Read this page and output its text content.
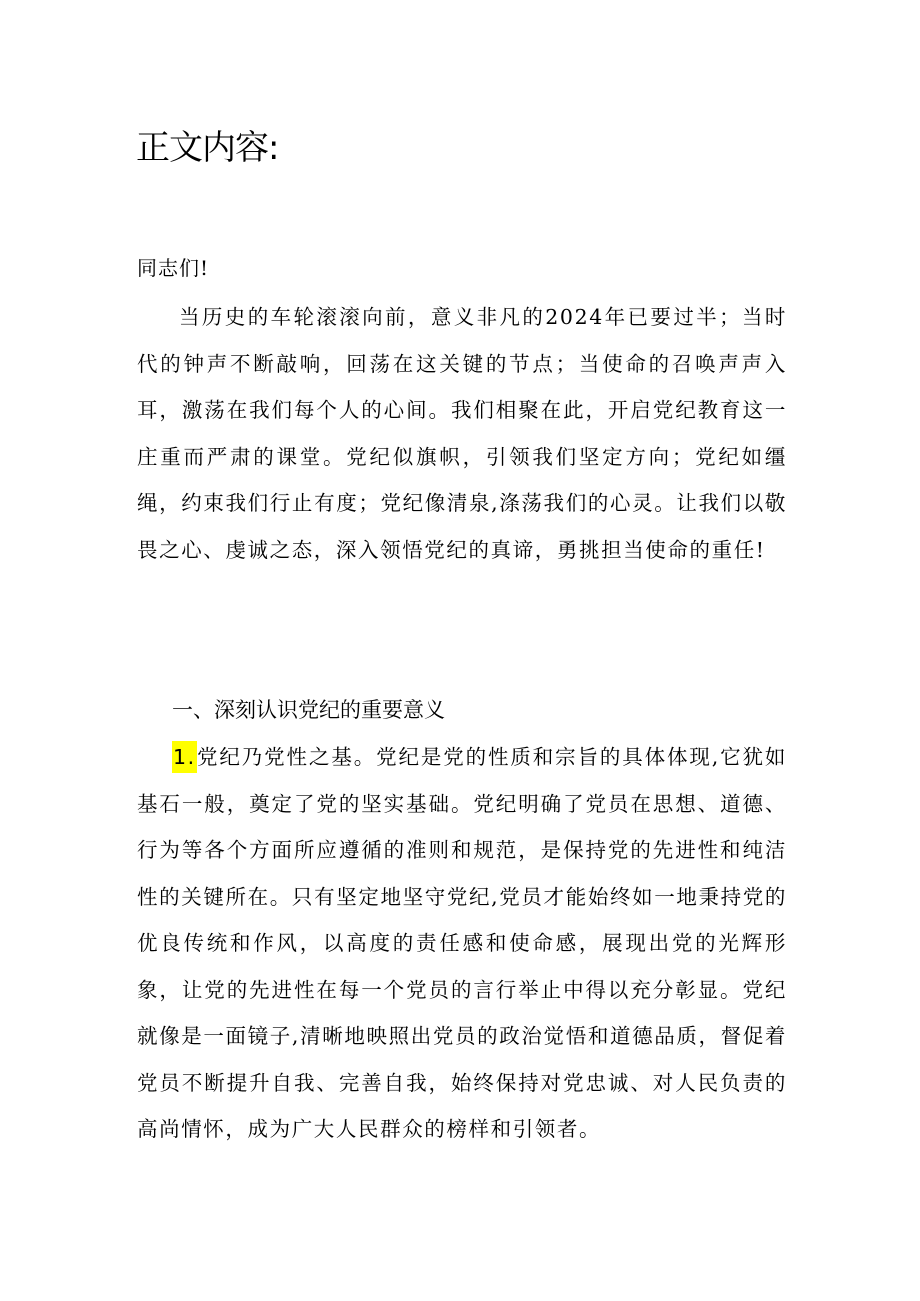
正文内容:
同志们!

当历史的车轮滚滚向前，意义非凡的2024年已要过半；当时代的钟声不断敲响，回荡在这关键的节点；当使命的召唤声声入耳，激荡在我们每个人的心间。我们相聚在此，开启党纪教育这一庄重而严肃的课堂。党纪似旗帜，引领我们坚定方向；党纪如缰绳，约束我们行止有度；党纪像清泉,涤荡我们的心灵。让我们以敬畏之心、虔诚之态，深入领悟党纪的真谛，勇挑担当使命的重任!

一、深刻认识党纪的重要意义

1.党纪乃党性之基。党纪是党的性质和宗旨的具体体现,它犹如基石一般，奠定了党的坚实基础。党纪明确了党员在思想、道德、行为等各个方面所应遵循的准则和规范，是保持党的先进性和纯洁性的关键所在。只有坚定地坚守党纪,党员才能始终如一地秉持党的优良传统和作风，以高度的责任感和使命感，展现出党的光辉形象，让党的先进性在每一个党员的言行举止中得以充分彰显。党纪就像是一面镜子,清晰地映照出党员的政治觉悟和道德品质，督促着党员不断提升自我、完善自我，始终保持对党忠诚、对人民负责的高尚情怀，成为广大人民群众的榜样和引领者。
